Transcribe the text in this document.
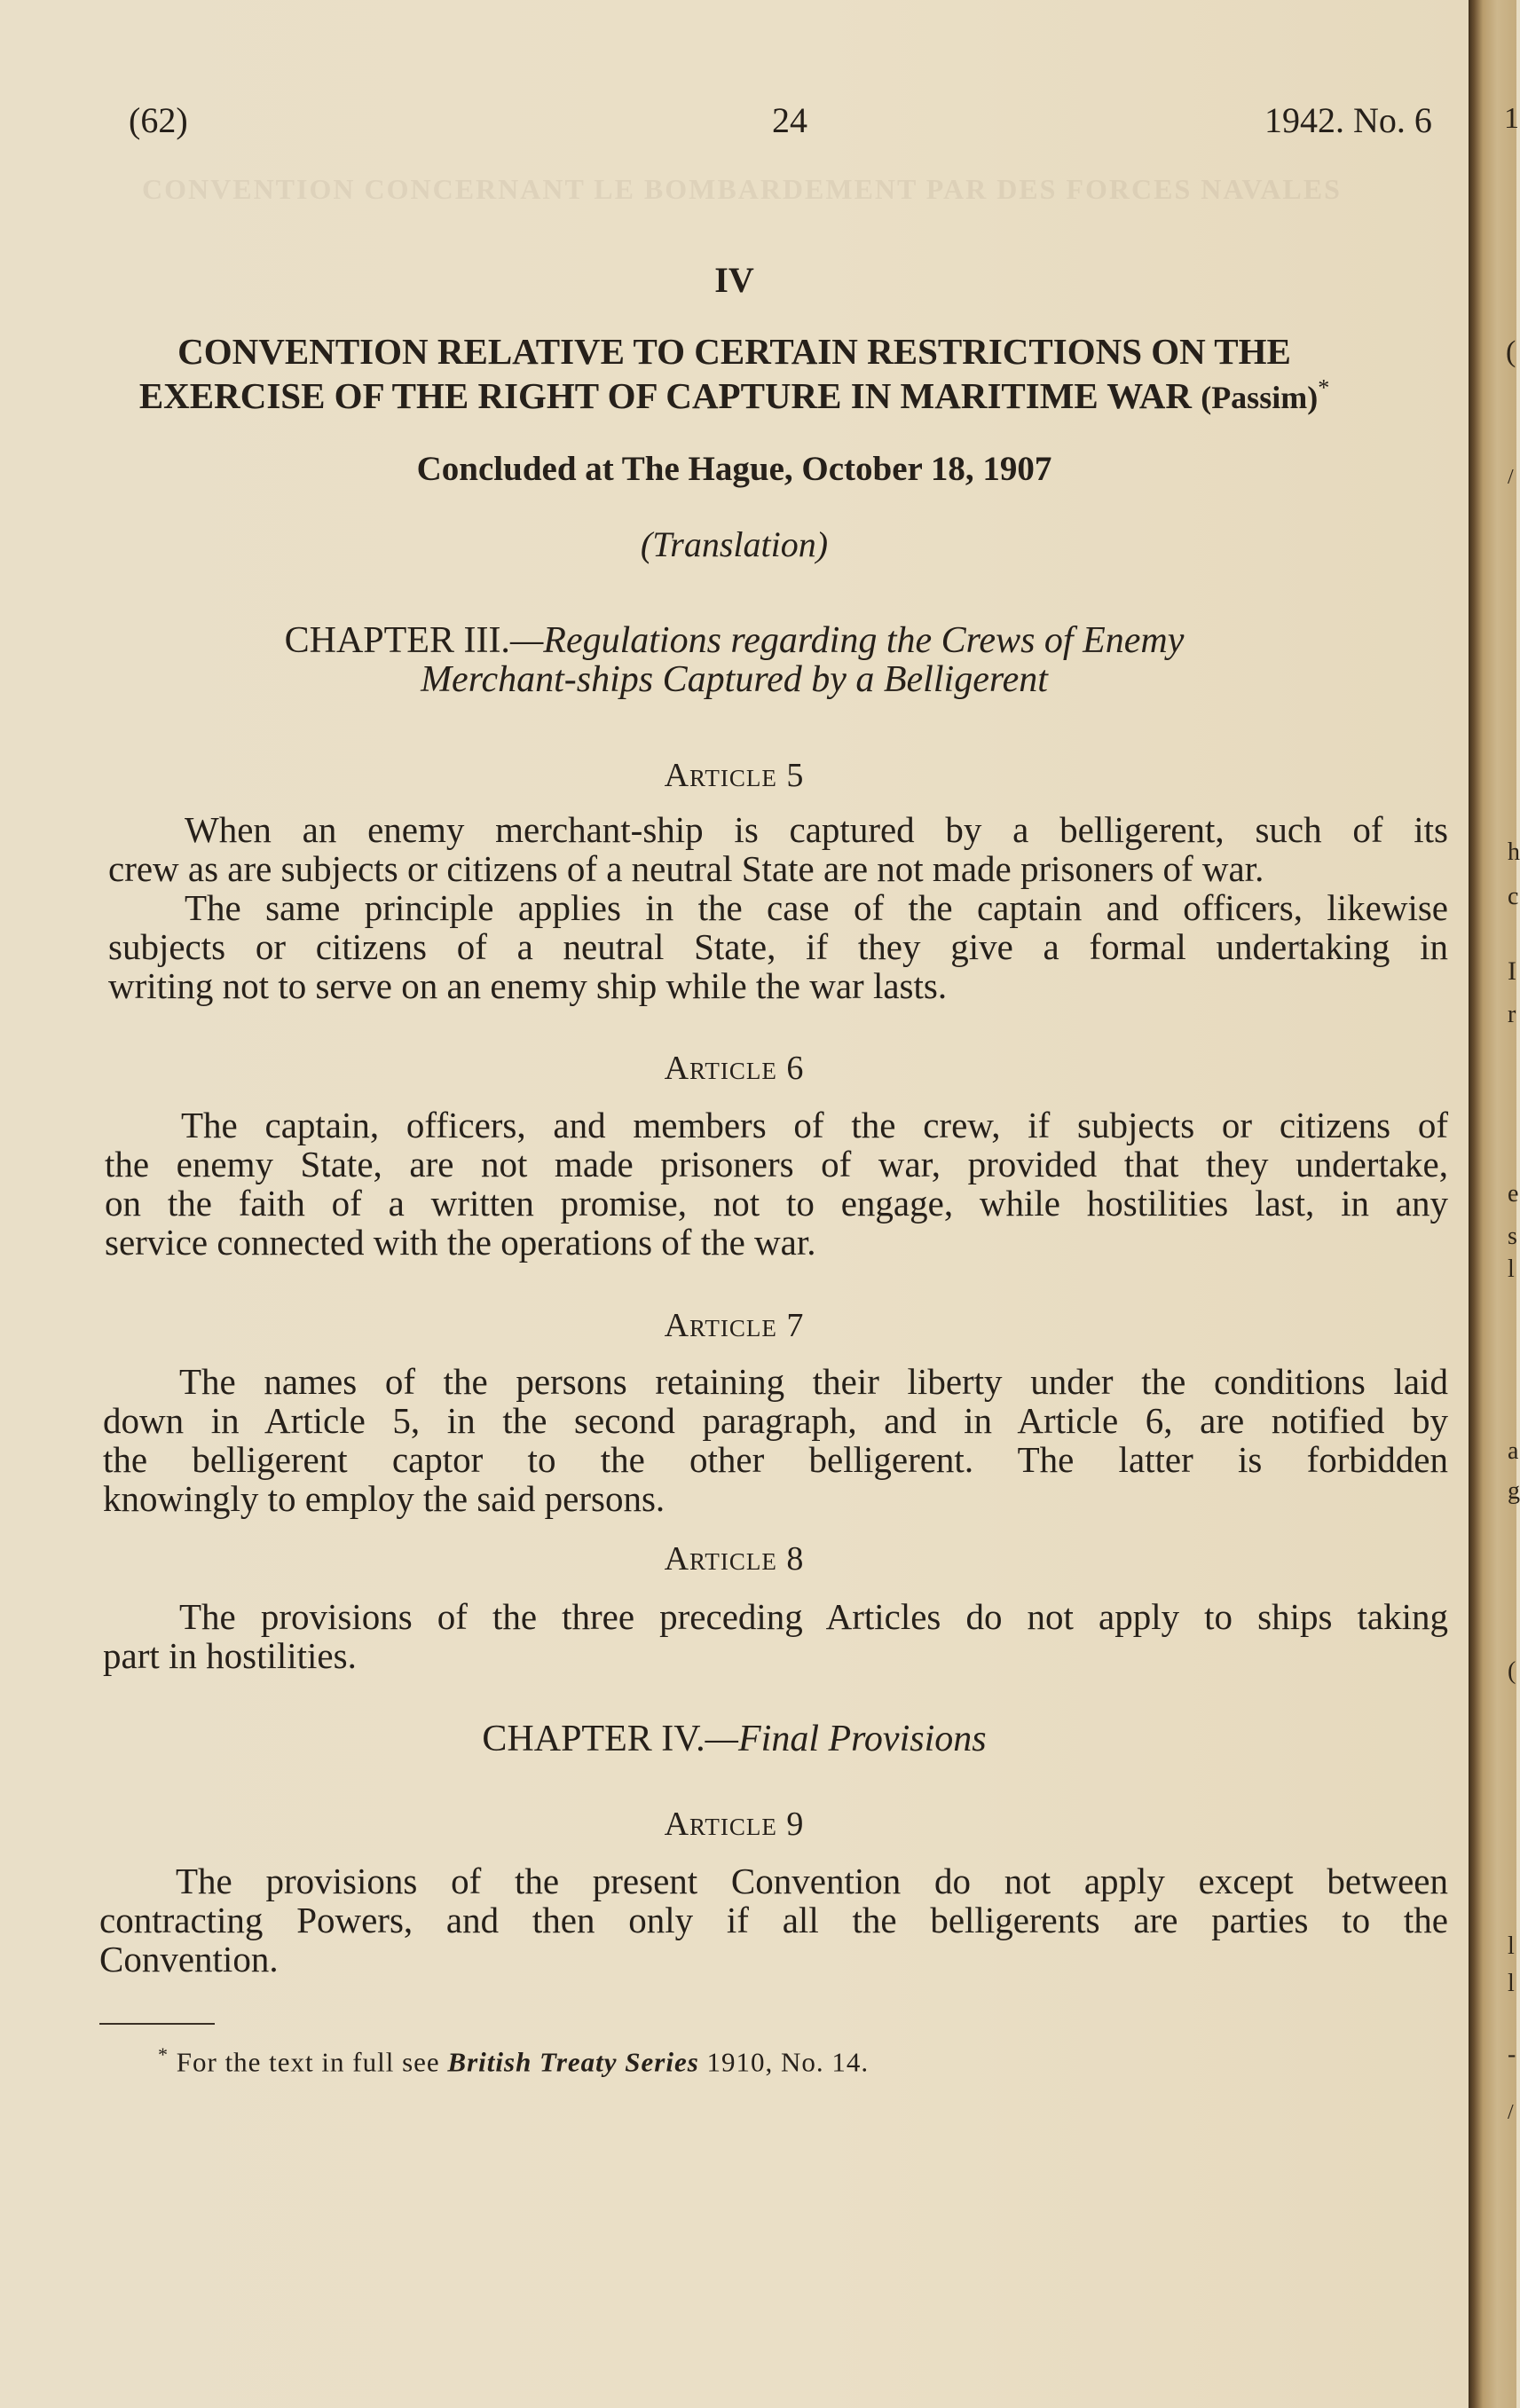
CONVENTION CONCERNANT LE BOMBARDEMENT PAR DES FORCES NAVALES
(62)	24	1942. No. 6
IV
CONVENTION RELATIVE TO CERTAIN RESTRICTIONS ON THE
EXERCISE OF THE RIGHT OF CAPTURE IN MARITIME WAR (Passim)*
Concluded at The Hague, October 18, 1907
(Translation)
CHAPTER III.—Regulations regarding the Crews of Enemy
Merchant-ships Captured by a Belligerent
Article 5
When an enemy merchant-ship is captured by a belligerent, such of its
crew as are subjects or citizens of a neutral State are not made prisoners of war.
The same principle applies in the case of the captain and officers, likewise
subjects or citizens of a neutral State, if they give a formal undertaking in
writing not to serve on an enemy ship while the war lasts.
Article 6
The captain, officers, and members of the crew, if subjects or citizens of
the enemy State, are not made prisoners of war, provided that they undertake,
on the faith of a written promise, not to engage, while hostilities last, in any
service connected with the operations of the war.
Article 7
The names of the persons retaining their liberty under the conditions laid
down in Article 5, in the second paragraph, and in Article 6, are notified by
the belligerent captor to the other belligerent. The latter is forbidden
knowingly to employ the said persons.
Article 8
The provisions of the three preceding Articles do not apply to ships taking
part in hostilities.
CHAPTER IV.—Final Provisions
Article 9
The provisions of the present Convention do not apply except between
contracting Powers, and then only if all the belligerents are parties to the
Convention.
* For the text in full see British Treaty Series 1910, No. 14.
1
(
/
h
c
I
r
e
s
l
a
g
(
l
l
-
/
